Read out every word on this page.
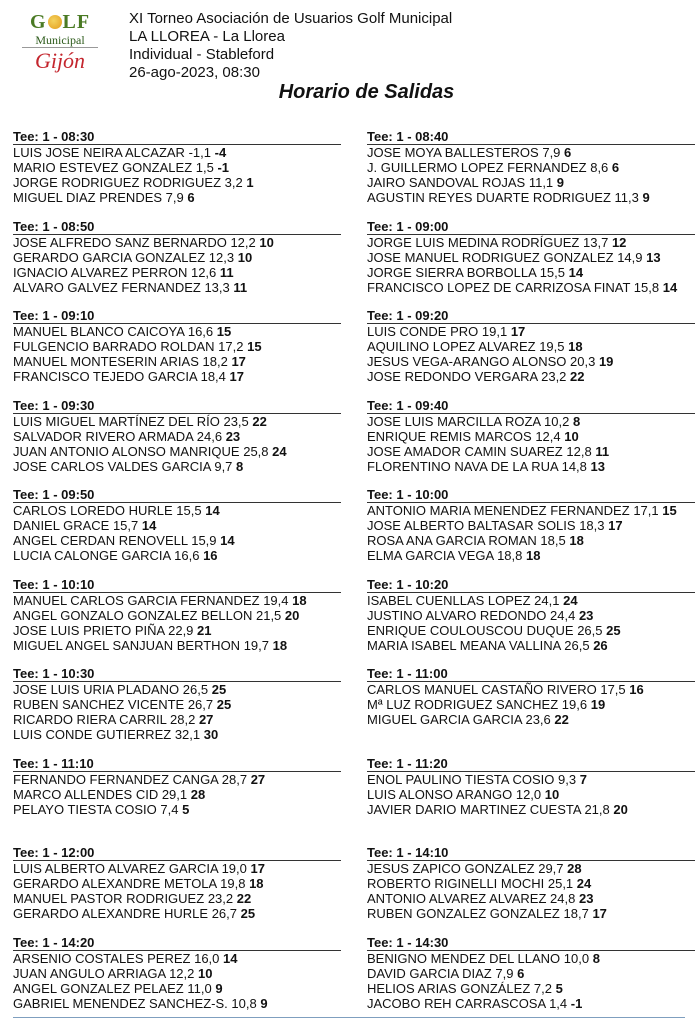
G LF
Municipal
Gijón
XI Torneo Asociación de Usuarios Golf Municipal
LA LLOREA - La Llorea
Individual - Stableford
26-ago-2023, 08:30
Horario de Salidas
Tee: 1 - 08:30
LUIS JOSE NEIRA ALCAZAR -1,1 -4
MARIO ESTEVEZ GONZALEZ 1,5 -1
JORGE RODRIGUEZ RODRIGUEZ 3,2 1
MIGUEL DIAZ PRENDES 7,9 6
Tee: 1 - 08:50
JOSE ALFREDO SANZ BERNARDO 12,2 10
GERARDO GARCIA GONZALEZ 12,3 10
IGNACIO ALVAREZ PERRON 12,6 11
ALVARO GALVEZ FERNANDEZ 13,3 11
Tee: 1 - 09:10
MANUEL BLANCO CAICOYA 16,6 15
FULGENCIO BARRADO ROLDAN 17,2 15
MANUEL MONTESERIN ARIAS 18,2 17
FRANCISCO TEJEDO GARCIA 18,4 17
Tee: 1 - 09:30
LUIS MIGUEL MARTÍNEZ DEL RÍO 23,5 22
SALVADOR RIVERO ARMADA 24,6 23
JUAN ANTONIO ALONSO MANRIQUE 25,8 24
JOSE CARLOS VALDES GARCIA 9,7 8
Tee: 1 - 09:50
CARLOS LOREDO HURLE 15,5 14
DANIEL GRACE 15,7 14
ANGEL CERDAN RENOVELL 15,9 14
LUCIA CALONGE GARCIA 16,6 16
Tee: 1 - 10:10
MANUEL CARLOS GARCIA FERNANDEZ 19,4 18
ANGEL GONZALO GONZALEZ BELLON 21,5 20
JOSE LUIS PRIETO PIÑA 22,9 21
MIGUEL ANGEL SANJUAN BERTHON 19,7 18
Tee: 1 - 10:30
JOSE LUIS URIA PLADANO 26,5 25
RUBEN SANCHEZ VICENTE 26,7 25
RICARDO RIERA CARRIL 28,2 27
LUIS CONDE GUTIERREZ 32,1 30
Tee: 1 - 11:10
FERNANDO FERNANDEZ CANGA 28,7 27
MARCO ALLENDES CID 29,1 28
PELAYO TIESTA COSIO 7,4 5
Tee: 1 - 12:00
LUIS ALBERTO ALVAREZ GARCIA 19,0 17
GERARDO ALEXANDRE METOLA 19,8 18
MANUEL PASTOR RODRIGUEZ 23,2 22
GERARDO ALEXANDRE HURLE 26,7 25
Tee: 1 - 14:20
ARSENIO COSTALES PEREZ 16,0 14
JUAN ANGULO ARRIAGA 12,2 10
ANGEL GONZALEZ PELAEZ 11,0 9
GABRIEL MENENDEZ SANCHEZ-S. 10,8 9
Tee: 1 - 08:40
JOSE MOYA BALLESTEROS 7,9 6
J. GUILLERMO LOPEZ FERNANDEZ 8,6 6
JAIRO SANDOVAL ROJAS 11,1 9
AGUSTIN REYES DUARTE RODRIGUEZ 11,3 9
Tee: 1 - 09:00
JORGE LUIS MEDINA RODRÍGUEZ 13,7 12
JOSE MANUEL RODRIGUEZ GONZALEZ 14,9 13
JORGE SIERRA BORBOLLA 15,5 14
FRANCISCO LOPEZ DE CARRIZOSA FINAT 15,8 14
Tee: 1 - 09:20
LUIS CONDE PRO 19,1 17
AQUILINO LOPEZ ALVAREZ 19,5 18
JESUS VEGA-ARANGO ALONSO 20,3 19
JOSE REDONDO VERGARA 23,2 22
Tee: 1 - 09:40
JOSE LUIS MARCILLA ROZA 10,2 8
ENRIQUE REMIS MARCOS 12,4 10
JOSE AMADOR CAMIN SUAREZ 12,8 11
FLORENTINO NAVA DE LA RUA 14,8 13
Tee: 1 - 10:00
ANTONIO MARIA MENENDEZ FERNANDEZ 17,1 15
JOSE ALBERTO BALTASAR SOLIS 18,3 17
ROSA ANA GARCIA ROMAN 18,5 18
ELMA GARCIA VEGA 18,8 18
Tee: 1 - 10:20
ISABEL CUENLLAS LOPEZ 24,1 24
JUSTINO ALVARO REDONDO 24,4 23
ENRIQUE COULOUSCOU DUQUE 26,5 25
MARIA ISABEL MEANA VALLINA 26,5 26
Tee: 1 - 11:00
CARLOS MANUEL CASTAÑO RIVERO 17,5 16
Mª LUZ RODRIGUEZ SANCHEZ 19,6 19
MIGUEL GARCIA GARCIA 23,6 22
Tee: 1 - 11:20
ENOL PAULINO TIESTA COSIO 9,3 7
LUIS ALONSO ARANGO 12,0 10
JAVIER DARIO MARTINEZ CUESTA 21,8 20
Tee: 1 - 14:10
JESUS ZAPICO GONZALEZ 29,7 28
ROBERTO RIGINELLI MOCHI 25,1 24
ANTONIO ALVAREZ ALVAREZ 24,8 23
RUBEN GONZALEZ GONZALEZ 18,7 17
Tee: 1 - 14:30
BENIGNO MENDEZ DEL LLANO 10,0 8
DAVID GARCIA DIAZ 7,9 6
HELIOS ARIAS GONZÁLEZ 7,2 5
JACOBO REH CARRASCOSA 1,4 -1
